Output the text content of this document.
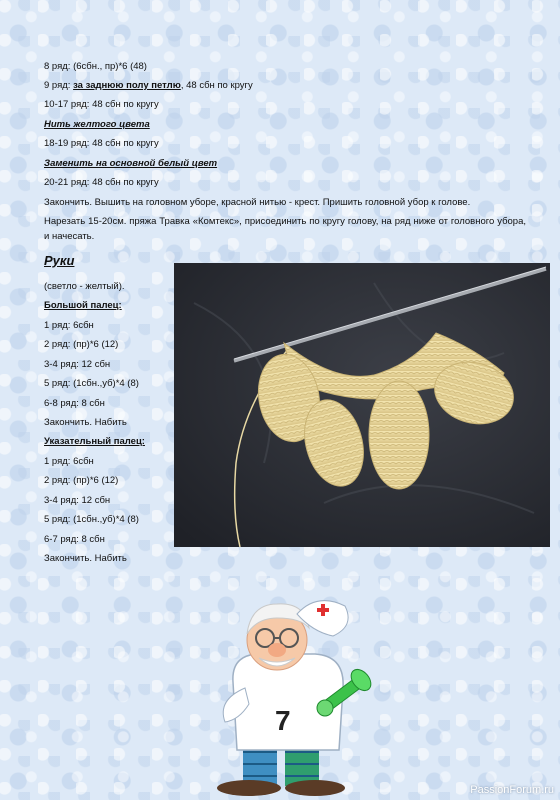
8 ряд: (6сбн., пр)*6 (48)
9 ряд: за заднюю полу петлю, 48 сбн по кругу
10-17 ряд: 48 сбн по кругу
Нить желтого цвета
18-19 ряд: 48 сбн по кругу
Заменить на основной белый цвет
20-21 ряд: 48 сбн по кругу
Закончить. Вышить на головном уборе, красной нитью - крест. Пришить головной убор к голове.
Нарезать 15-20см. пряжа Травка «Комтекс», присоединить по кругу голову, на ряд ниже от головного убора, и начесать.
Руки
(светло - желтый).
Большой палец:
1 ряд: 6сбн
2 ряд: (пр)*6 (12)
3-4 ряд: 12 сбн
5 ряд: (1сбн.,уб)*4 (8)
6-8 ряд: 8 сбн
Закончить. Набить
Указательный палец:
1 ряд: 6сбн
2 ряд: (пр)*6 (12)
3-4 ряд: 12 сбн
5 ряд: (1сбн.,уб)*4 (8)
6-7 ряд: 8 сбн
Закончить. Набить
7
PassionForum.ru
